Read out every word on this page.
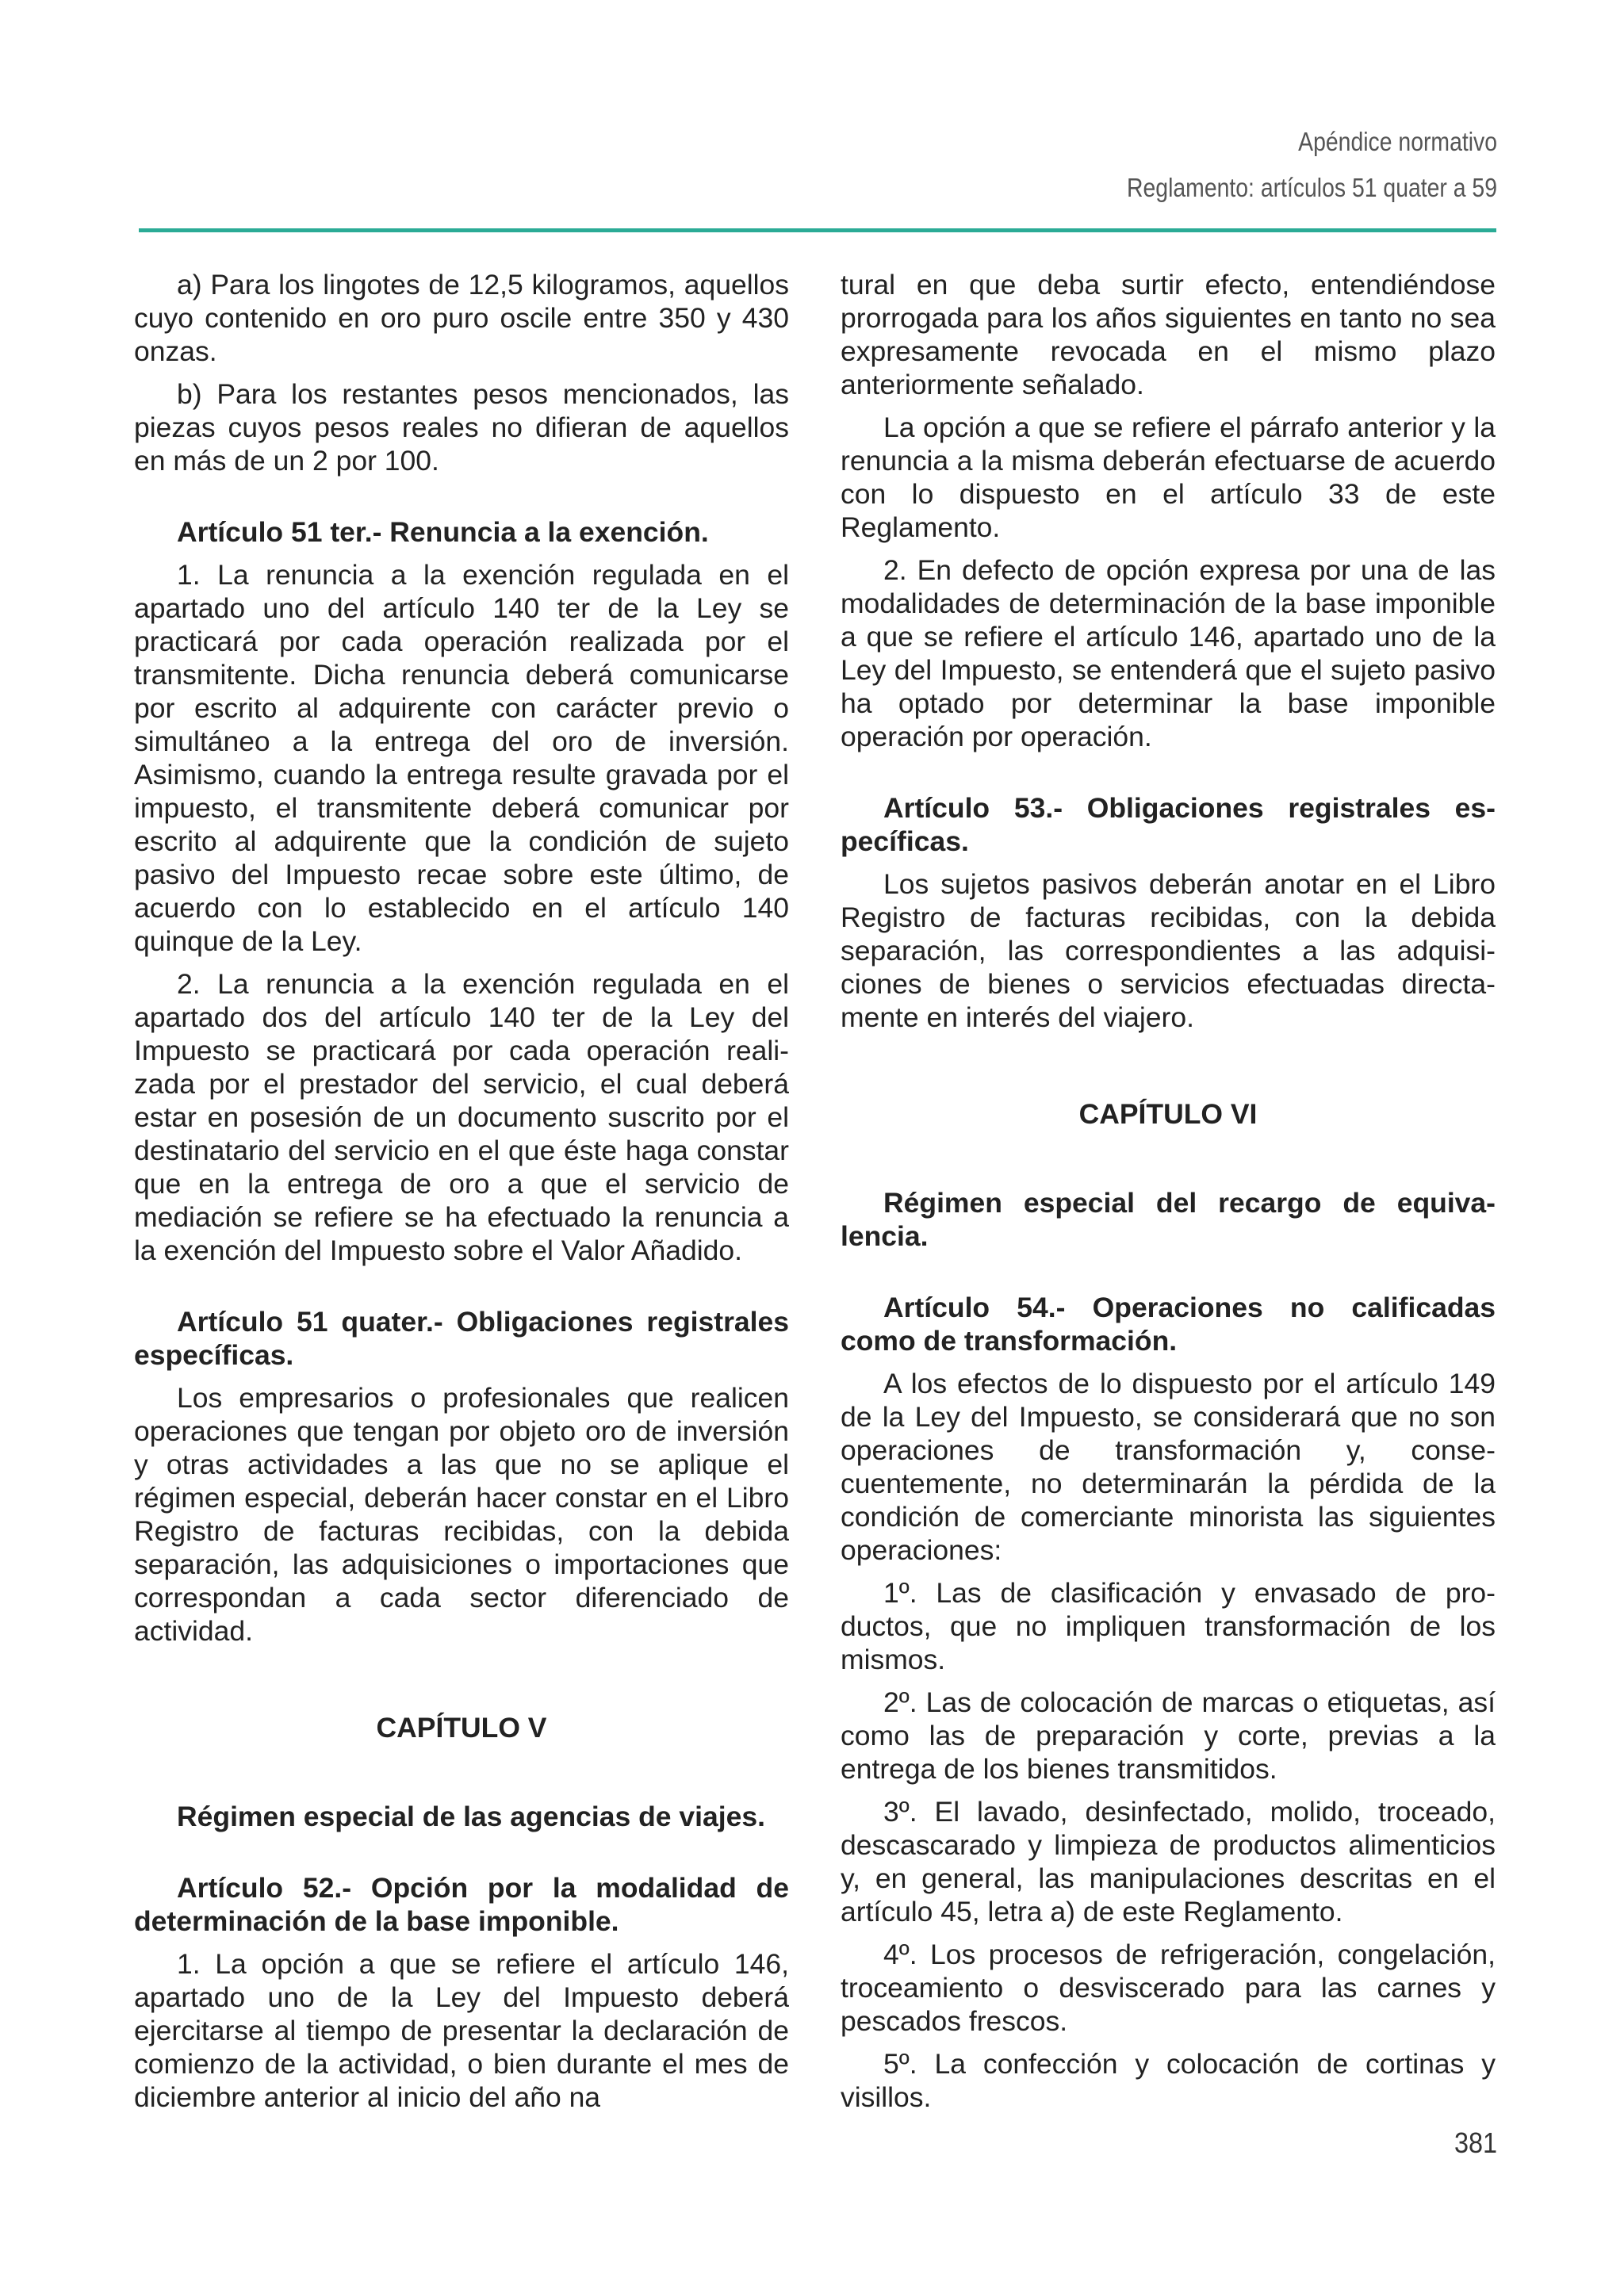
Apéndice normativo
Reglamento: artículos 51 quater a 59

a) Para los lingotes de 12,5 kilogramos, aquellos cuyo contenido en oro puro oscile entre 350 y 430 onzas.

b) Para los restantes pesos mencionados, las piezas cuyos pesos reales no difieran de aquellos en más de un 2 por 100.

Artículo 51 ter.- Renuncia a la exención.

1. La renuncia a la exención regulada en el apartado uno del artículo 140 ter de la Ley se practicará por cada operación realizada por el transmitente. Dicha renuncia deberá comunicarse por escrito al adquirente con carácter previo o simultáneo a la entrega del oro de inversión. Asimismo, cuando la entrega resulte gravada por el impuesto, el transmitente deberá comunicar por escrito al adquirente que la condición de sujeto pasivo del Impuesto recae sobre este último, de acuerdo con lo establecido en el artículo 140 quinque de la Ley.

2. La renuncia a la exención regulada en el apartado dos del artículo 140 ter de la Ley del Impuesto se practicará por cada operación realizada por el prestador del servicio, el cual deberá estar en posesión de un documento suscrito por el destinatario del servicio en el que éste haga constar que en la entrega de oro a que el servicio de mediación se refiere se ha efectuado la renuncia a la exención del Impuesto sobre el Valor Añadido.

Artículo 51 quater.- Obligaciones registrales específicas.

Los empresarios o profesionales que realicen operaciones que tengan por objeto oro de inversión y otras actividades a las que no se aplique el régimen especial, deberán hacer constar en el Libro Registro de facturas recibidas, con la debida separación, las adquisiciones o importaciones que correspondan a cada sector diferenciado de actividad.

CAPÍTULO V
Régimen especial de las agencias de viajes.
Artículo 52.- Opción por la modalidad de determinación de la base imponible.

1. La opción a que se refiere el artículo 146, apartado uno de la Ley del Impuesto deberá ejercitarse al tiempo de presentar la declaración de comienzo de la actividad, o bien durante el mes de diciembre anterior al inicio del año na

tural en que deba surtir efecto, entendiéndose prorrogada para los años siguientes en tanto no sea expresamente revocada en el mismo plazo anteriormente señalado.

La opción a que se refiere el párrafo anterior y la renuncia a la misma deberán efectuarse de acuerdo con lo dispuesto en el artículo 33 de este Reglamento.

2. En defecto de opción expresa por una de las modalidades de determinación de la base imponible a que se refiere el artículo 146, apartado uno de la Ley del Impuesto, se entenderá que el sujeto pasivo ha optado por determinar la base imponible operación por operación.

Artículo 53.- Obligaciones registrales específicas.

Los sujetos pasivos deberán anotar en el Libro Registro de facturas recibidas, con la debida separación, las correspondientes a las adquisiciones de bienes o servicios efectuadas directamente en interés del viajero.

CAPÍTULO VI
Régimen especial del recargo de equivalencia.
Artículo 54.- Operaciones no calificadas como de transformación.

A los efectos de lo dispuesto por el artículo 149 de la Ley del Impuesto, se considerará que no son operaciones de transformación y, consecuentemente, no determinarán la pérdida de la condición de comerciante minorista las siguientes operaciones:

1º. Las de clasificación y envasado de productos, que no impliquen transformación de los mismos.

2º. Las de colocación de marcas o etiquetas, así como las de preparación y corte, previas a la entrega de los bienes transmitidos.

3º. El lavado, desinfectado, molido, troceado, descascarado y limpieza de productos alimenticios y, en general, las manipulaciones descritas en el artículo 45, letra a) de este Reglamento.

4º. Los procesos de refrigeración, congelación, troceamiento o desviscerado para las carnes y pescados frescos.

5º. La confección y colocación de cortinas y visillos.

381
